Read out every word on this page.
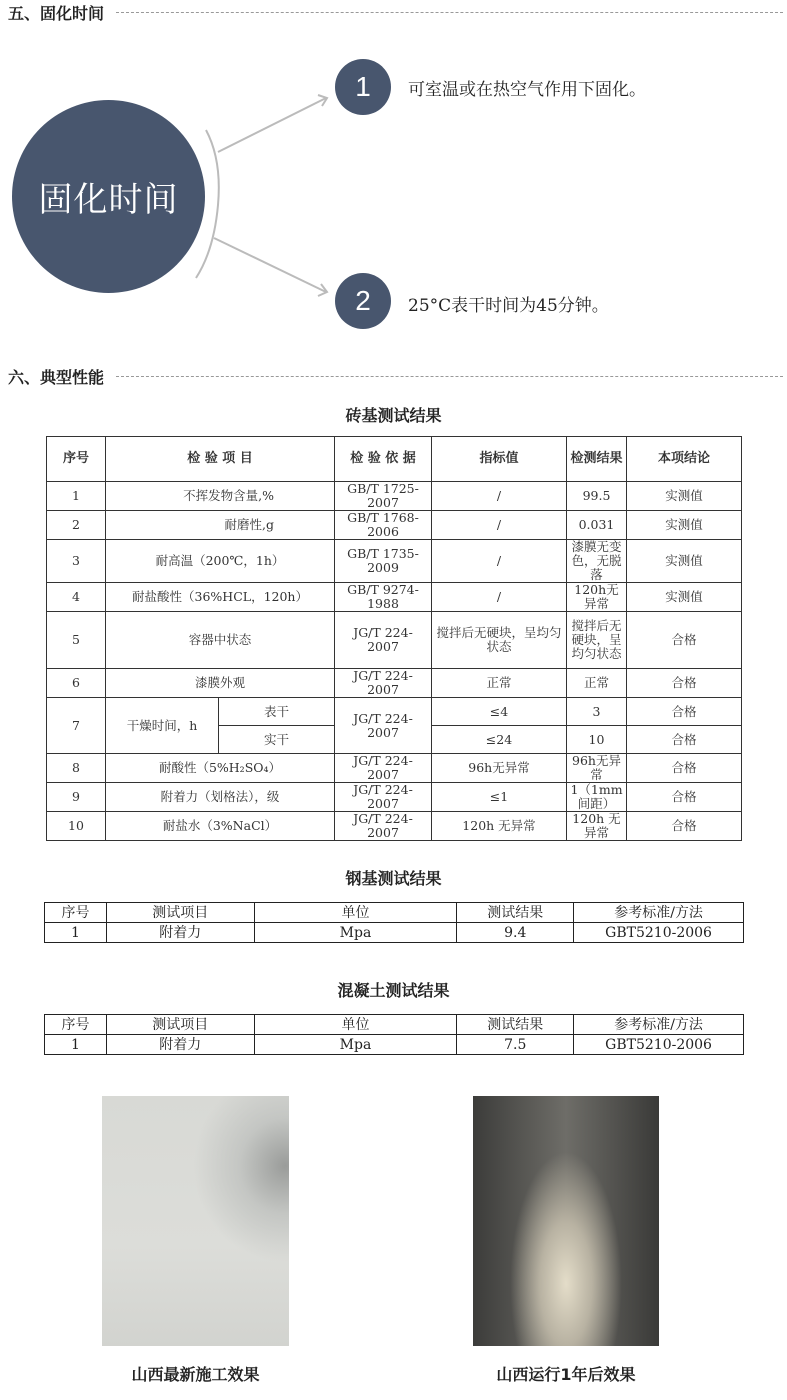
五、固化时间
固化时间
1	可室温或在热空气作用下固化。
2	25°C表干时间为45分钟。
六、典型性能
砖基测试结果
序号	检 验 项 目		检 验 依 据	指标值	检测结果	本项结论
1	不挥发物含量,%		GB/T 1725-2007	/	99.5	实测值
2	耐磨性,g		GB/T 1768-2006	/	0.031	实测值
3	耐高温（200℃，1h）		GB/T 1735-2009	/	漆膜无变色，无脱落	实测值
4	耐盐酸性（36%HCL，120h）		GB/T 9274-1988	/	120h无异常	实测值
5	容器中状态		JG/T 224-2007	搅拌后无硬块，呈均匀状态	搅拌后无硬块，呈均匀状态	合格
6	漆膜外观		JG/T 224-2007	正常	正常	合格
7	干燥时间，h	表干	JG/T 224-2007	≤4	3	合格
		实干		≤24	10	合格
8	耐酸性（5%H₂SO₄）		JG/T 224-2007	96h无异常	96h无异常	合格
9	附着力（划格法），级		JG/T 224-2007	≤1	1（1mm间距）	合格
10	耐盐水（3%NaCl）		JG/T 224-2007	120h 无异常	120h 无异常	合格
钢基测试结果
序号	测试项目	单位	测试结果	参考标准/方法
1	附着力	Mpa	9.4	GBT5210-2006
混凝土测试结果
序号	测试项目	单位	测试结果	参考标准/方法
1	附着力	Mpa	7.5	GBT5210-2006
山西最新施工效果	山西运行1年后效果
